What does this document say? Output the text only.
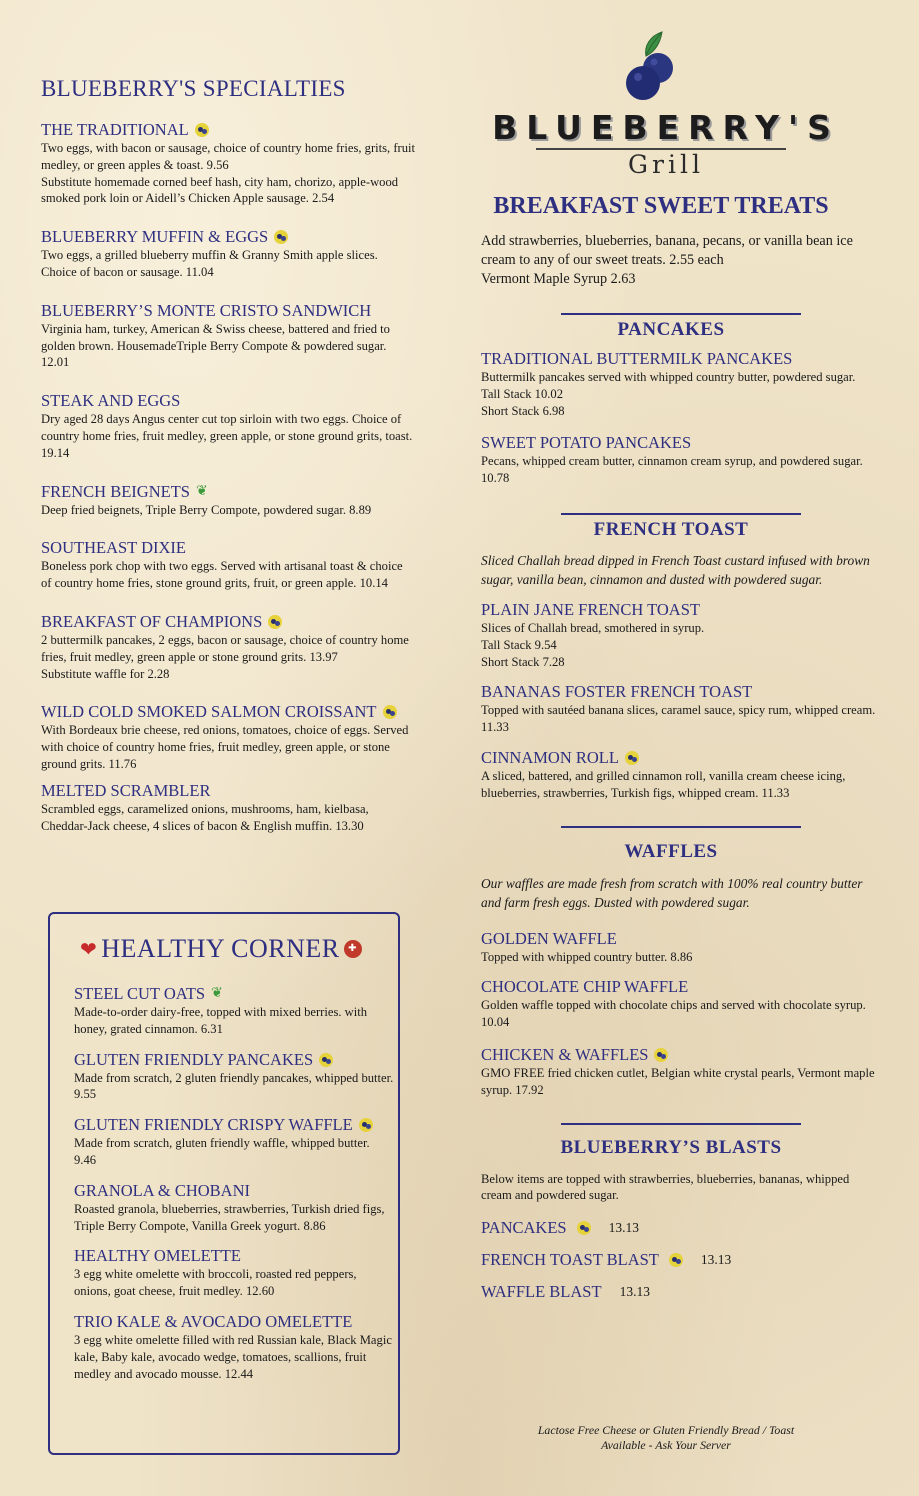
BLUEBERRY'S SPECIALTIES
THE TRADITIONAL
Two eggs, with bacon or sausage, choice of country home fries, grits, fruit medley, or green apples & toast. 9.56
Substitute homemade corned beef hash, city ham, chorizo, apple-wood smoked pork loin or Aidell’s Chicken Apple sausage. 2.54
BLUEBERRY MUFFIN & EGGS
Two eggs, a grilled blueberry muffin & Granny Smith apple slices. Choice of bacon or sausage. 11.04
BLUEBERRY’S MONTE CRISTO SANDWICH
Virginia ham, turkey, American & Swiss cheese, battered and fried to golden brown. HousemadeTriple Berry Compote & powdered sugar. 12.01
STEAK AND EGGS
Dry aged 28 days Angus center cut top sirloin with two eggs. Choice of country home fries, fruit medley, green apple, or stone ground grits, toast. 19.14
FRENCH BEIGNETS ❦
Deep fried beignets, Triple Berry Compote, powdered sugar. 8.89
SOUTHEAST DIXIE
Boneless pork chop with two eggs. Served with artisanal toast & choice of country home fries, stone ground grits, fruit, or green apple. 10.14
BREAKFAST OF CHAMPIONS
2 buttermilk pancakes, 2 eggs, bacon or sausage, choice of country home fries, fruit medley, green apple or stone ground grits. 13.97
Substitute waffle for 2.28
WILD COLD SMOKED SALMON CROISSANT
With Bordeaux brie cheese, red onions, tomatoes, choice of eggs. Served with choice of country home fries, fruit medley, green apple, or stone ground grits. 11.76
MELTED SCRAMBLER
Scrambled eggs, caramelized onions, mushrooms, ham, kielbasa, Cheddar-Jack cheese, 4 slices of bacon & English muffin. 13.30
❤ HEALTHY CORNER ✚
STEEL CUT OATS ❦
Made-to-order dairy-free, topped with mixed berries. with honey, grated cinnamon. 6.31
GLUTEN FRIENDLY PANCAKES
Made from scratch, 2 gluten friendly pancakes, whipped butter. 9.55
GLUTEN FRIENDLY CRISPY WAFFLE
Made from scratch, gluten friendly waffle, whipped butter. 9.46
GRANOLA & CHOBANI
Roasted granola, blueberries, strawberries, Turkish dried figs, Triple Berry Compote, Vanilla Greek yogurt. 8.86
HEALTHY OMELETTE
3 egg white omelette with broccoli, roasted red peppers, onions, goat cheese, fruit medley. 12.60
TRIO KALE & AVOCADO OMELETTE
3 egg white omelette filled with red Russian kale, Black Magic kale, Baby kale, avocado wedge, tomatoes, scallions, fruit medley and avocado mousse. 12.44
BLUEBERRY'S
Grill
BREAKFAST SWEET TREATS

Add strawberries, blueberries, banana, pecans, or vanilla bean ice cream to any of our sweet treats. 2.55 each
Vermont Maple Syrup 2.63

PANCAKES
TRADITIONAL BUTTERMILK PANCAKES
Buttermilk pancakes served with whipped country butter, powdered sugar.
Tall Stack 10.02
Short Stack 6.98
SWEET POTATO PANCAKES
Pecans, whipped cream butter, cinnamon cream syrup, and powdered sugar. 10.78
FRENCH TOAST

Sliced Challah bread dipped in French Toast custard infused with brown sugar, vanilla bean, cinnamon and dusted with powdered sugar.

PLAIN JANE FRENCH TOAST
Slices of Challah bread, smothered in syrup.
Tall Stack 9.54
Short Stack 7.28
BANANAS FOSTER FRENCH TOAST
Topped with sautéed banana slices, caramel sauce, spicy rum, whipped cream. 11.33
CINNAMON ROLL
A sliced, battered, and grilled cinnamon roll, vanilla cream cheese icing, blueberries, strawberries, Turkish figs, whipped cream. 11.33
WAFFLES

Our waffles are made fresh from scratch with 100% real country butter and farm fresh eggs. Dusted with powdered sugar.

GOLDEN WAFFLE
Topped with whipped country butter. 8.86
CHOCOLATE CHIP WAFFLE
Golden waffle topped with chocolate chips and served with chocolate syrup. 10.04
CHICKEN & WAFFLES
GMO FREE fried chicken cutlet, Belgian white crystal pearls, Vermont maple syrup. 17.92
BLUEBERRY’S BLASTS

Below items are topped with strawberries, blueberries, bananas, whipped cream and powdered sugar.

PANCAKES	13.13
FRENCH TOAST BLAST	13.13
WAFFLE BLAST 13.13
Lactose Free Cheese or Gluten Friendly Bread / Toast
Available - Ask Your Server
